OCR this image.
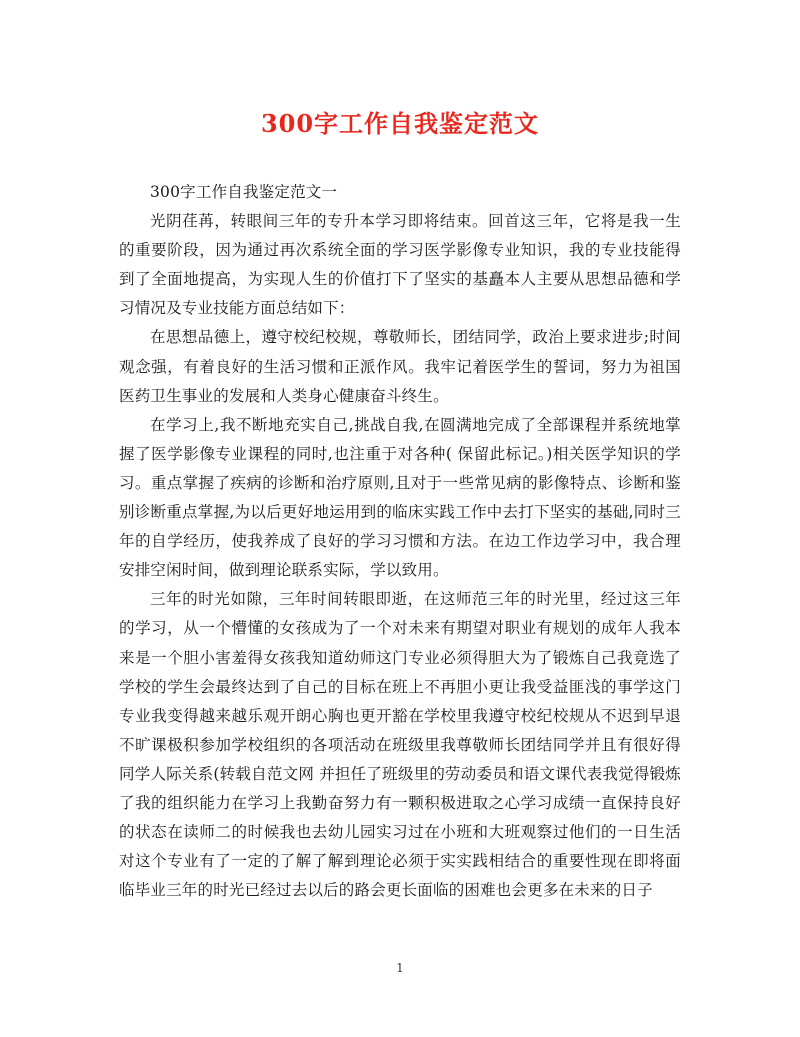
300字工作自我鉴定范文

300字工作自我鉴定范文一

光阴荏苒，转眼间三年的专升本学习即将结束。回首这三年，它将是我一生的重要阶段，因为通过再次系统全面的学习医学影像专业知识，我的专业技能得到了全面地提高，为实现人生的价值打下了坚实的基矗本人主要从思想品德和学习情况及专业技能方面总结如下：

在思想品德上，遵守校纪校规，尊敬师长，团结同学，政治上要求进步;时间观念强，有着良好的生活习惯和正派作风。我牢记着医学生的誓词，努力为祖国医药卫生事业的发展和人类身心健康奋斗终生。

在学习上,我不断地充实自己,挑战自我,在圆满地完成了全部课程并系统地掌握了医学影像专业课程的同时,也注重于对各种( 保留此标记。)相关医学知识的学习。重点掌握了疾病的诊断和治疗原则,且对于一些常见病的影像特点、诊断和鉴别诊断重点掌握,为以后更好地运用到的临床实践工作中去打下坚实的基础,同时三年的自学经历，使我养成了良好的学习习惯和方法。在边工作边学习中，我合理安排空闲时间，做到理论联系实际，学以致用。

三年的时光如隙，三年时间转眼即逝，在这师范三年的时光里，经过这三年的学习，从一个懵懂的女孩成为了一个对未来有期望对职业有规划的成年人我本来是一个胆小害羞得女孩我知道幼师这门专业必须得胆大为了锻炼自己我竟选了学校的学生会最终达到了自己的目标在班上不再胆小更让我受益匪浅的事学这门专业我变得越来越乐观开朗心胸也更开豁在学校里我遵守校纪校规从不迟到早退不旷课极积参加学校组织的各项活动在班级里我尊敬师长团结同学并且有很好得同学人际关系(转载自范文网 并担任了班级里的劳动委员和语文课代表我觉得锻炼了我的组织能力在学习上我勤奋努力有一颗积极进取之心学习成绩一直保持良好的状态在读师二的时候我也去幼儿园实习过在小班和大班观察过他们的一日生活对这个专业有了一定的了解了解到理论必须于实实践相结合的重要性现在即将面临毕业三年的时光已经过去以后的路会更长面临的困难也会更多在未来的日子

1
